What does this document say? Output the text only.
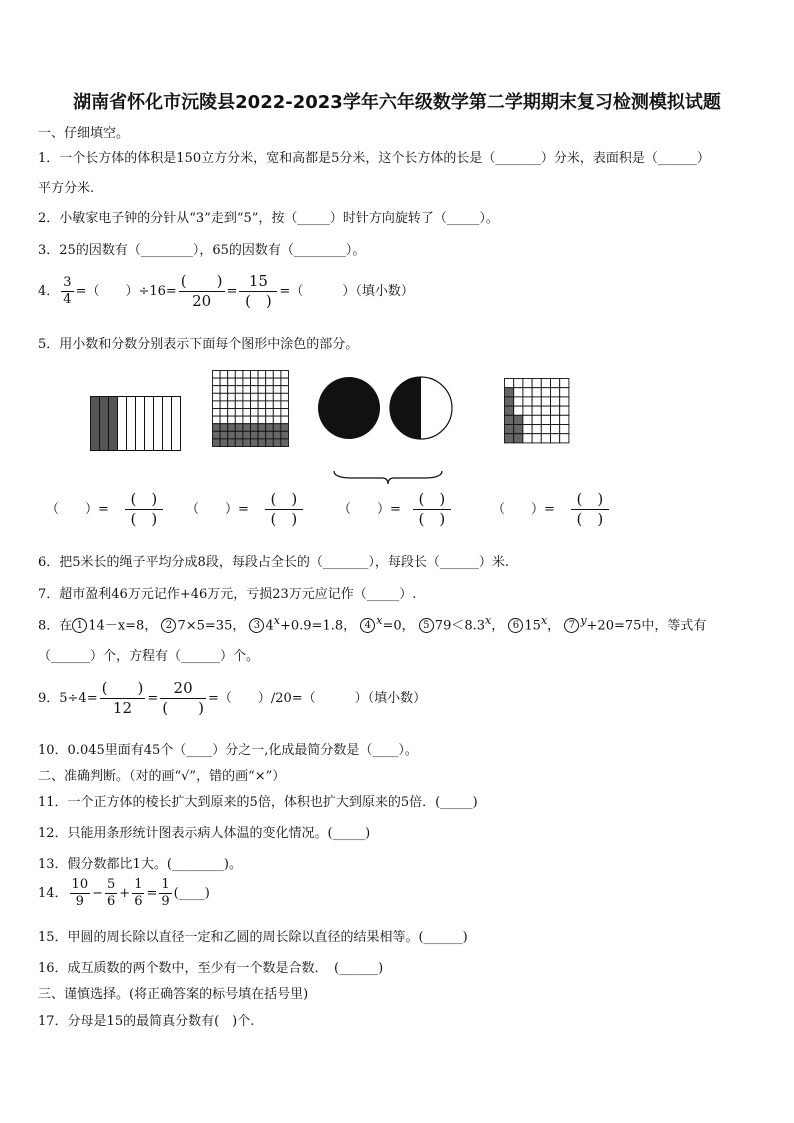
湖南省怀化市沅陵县2022-2023学年六年级数学第二学期期末复习检测模拟试题
一、仔细填空。
1．一个长方体的体积是150立方分米，宽和高都是5分米，这个长方体的长是（_______）分米，表面积是（______）
平方分米.
2．小敏家电子钟的分针从“3”走到“5”，按（_____）时针方向旋转了（_____）。
3．25的因数有（________），65的因数有（________）。
4． $\frac{3}{4}$ =（　　）$\div 16= \frac{( )}{20} = \frac{15}{( )}$ =（　　　）（填小数）
5．用小数和分数分别表示下面每个图形中涂色的部分。
（　　）= $\frac{( )}{( )}$ （　　）= $\frac{( )}{( )}$	（　　）= $\frac{( )}{( )}$	（　　）= $\frac{( )}{( )}$
6．把5米长的绳子平均分成8段，每段占全长的（_______），每段长（______）米.
7．超市盈利46万元记作+46万元，亏损23万元应记作（_____）.
8．在 1 14－x=8， 2 7×5=35， 3 $4^x+0.9=1.8$， 4 $^x$=0， 5 $79<8.3^x$， 6 15$^x$， 7 $^y$+20=75中，等式有
（______）个，方程有（______）个。
9．$5\div 4= \frac{( )}{12} = \frac{20}{( )}$ =（　　）/20=（　　　）（填小数）
10．0.045里面有45个（____）分之一,化成最简分数是（____）。
二、准确判断。（对的画“√”，错的画“×”）
11．一个正方体的棱长扩大到原来的5倍，体积也扩大到原来的5倍．(_____)
12．只能用条形统计图表示病人体温的变化情况。(_____)
13．假分数都比1大。(________)。
14． $\frac{10}{9} - \frac{5}{6} + \frac{1}{6} = \frac{1}{9}$ (____)
15．甲圆的周长除以直径一定和乙圆的周长除以直径的结果相等。(______)
16．成互质数的两个数中，至少有一个数是合数．　(______)
三、谨慎选择。(将正确答案的标号填在括号里)
17．分母是15的最简真分数有(　)个.
